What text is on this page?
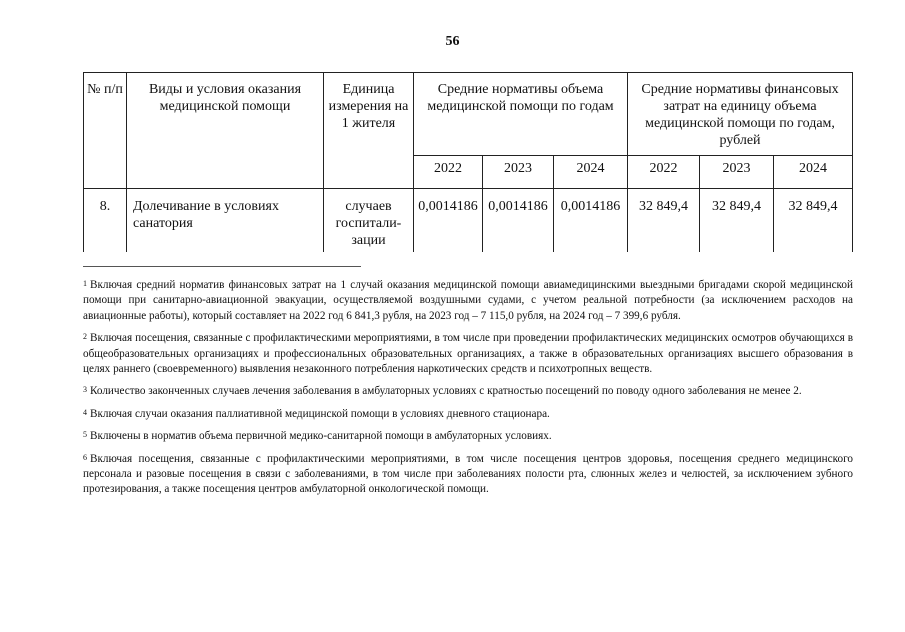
56
№ п/п	Виды и условия оказания медицинской помощи	Единица измерения на 1 жителя	Средние нормативы объема медицинской помощи по годам			Средние нормативы финансовых затрат на единицу объема медицинской помощи по годам, рублей		
			2022	2023	2024	2022	2023	2024
8.	Долечивание в условиях санатория	случаев госпитали-зации	0,0014186	0,0014186	0,0014186	32 849,4	32 849,4	32 849,4

$^1$ Включая средний норматив финансовых затрат на 1 случай оказания медицинской помощи авиамедицинскими выездными бригадами скорой медицинской помощи при санитарно-авиационной эвакуации, осуществляемой воздушными судами, с учетом реальной потребности (за исключением расходов на авиационные работы), который составляет на 2022 год 6 841,3 рубля, на 2023 год – 7 115,0 рубля, на 2024 год – 7 399,6 рубля.

$^2$ Включая посещения, связанные с профилактическими мероприятиями, в том числе при проведении профилактических медицинских осмотров обучающихся в общеобразовательных организациях и профессиональных образовательных организациях, а также в образовательных организациях высшего образования в целях раннего (своевременного) выявления незаконного потребления наркотических средств и психотропных веществ.

$^3$ Количество законченных случаев лечения заболевания в амбулаторных условиях с кратностью посещений по поводу одного заболевания не менее 2.

$^4$ Включая случаи оказания паллиативной медицинской помощи в условиях дневного стационара.

$^5$ Включены в норматив объема первичной медико-санитарной помощи в амбулаторных условиях.

$^6$ Включая посещения, связанные с профилактическими мероприятиями, в том числе посещения центров здоровья, посещения среднего медицинского персонала и разовые посещения в связи с заболеваниями, в том числе при заболеваниях полости рта, слюнных желез и челюстей, за исключением зубного протезирования, а также посещения центров амбулаторной онкологической помощи.
